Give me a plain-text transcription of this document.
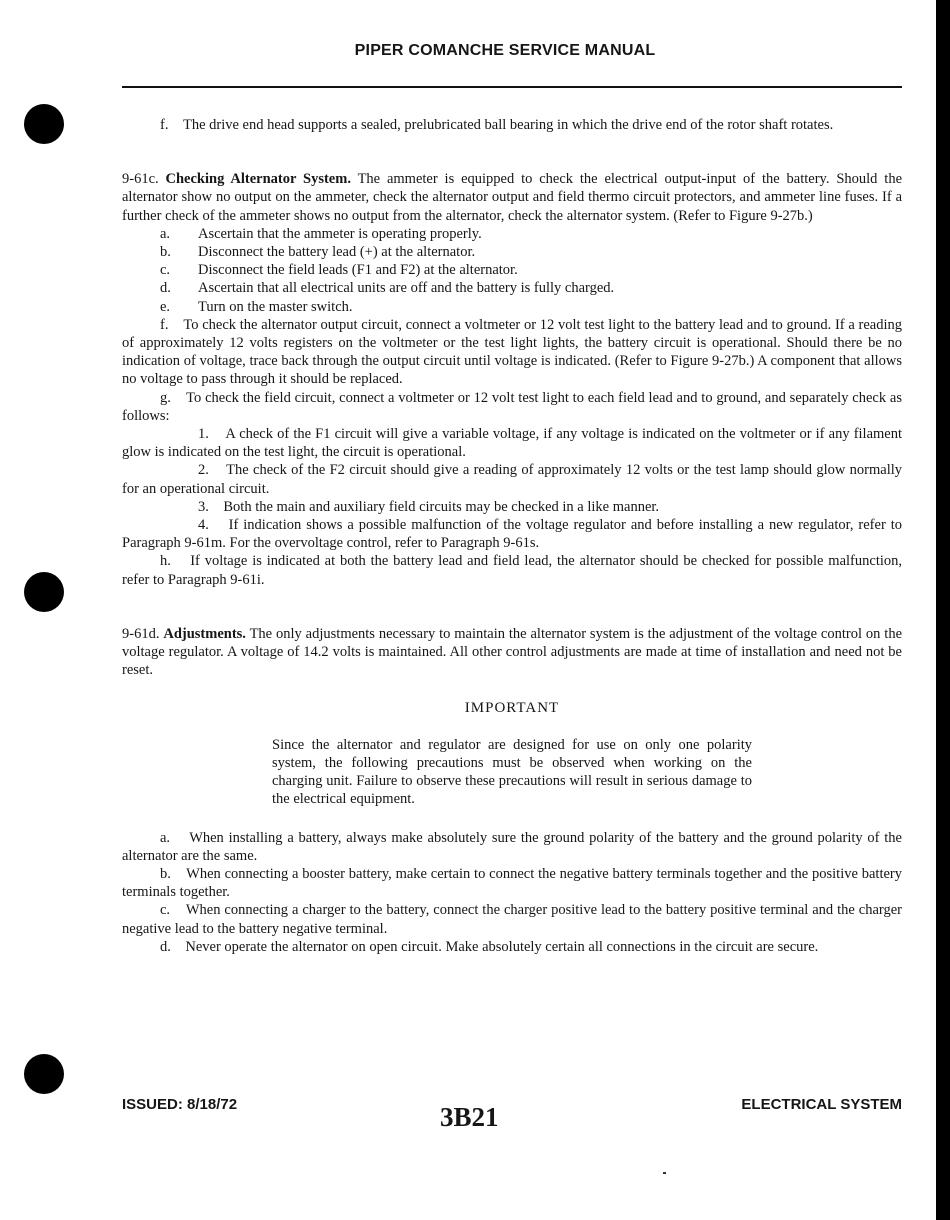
PIPER COMANCHE SERVICE MANUAL

f. The drive end head supports a sealed, prelubricated ball bearing in which the drive end of the rotor shaft rotates.

9-61c. Checking Alternator System. The ammeter is equipped to check the electrical output-input of the battery. Should the alternator show no output on the ammeter, check the alternator output and field thermo circuit protectors, and ammeter line fuses. If a further check of the ammeter shows no output from the alternator, check the alternator system. (Refer to Figure 9-27b.)

a. Ascertain that the ammeter is operating properly.
b. Disconnect the battery lead (+) at the alternator.
c. Disconnect the field leads (F1 and F2) at the alternator.
d. Ascertain that all electrical units are off and the battery is fully charged.
e. Turn on the master switch.

f. To check the alternator output circuit, connect a voltmeter or 12 volt test light to the battery lead and to ground. If a reading of approximately 12 volts registers on the voltmeter or the test light lights, the battery circuit is operational. Should there be no indication of voltage, trace back through the output circuit until voltage is indicated. (Refer to Figure 9-27b.) A component that allows no voltage to pass through it should be replaced.

g. To check the field circuit, connect a voltmeter or 12 volt test light to each field lead and to ground, and separately check as follows:

1. A check of the F1 circuit will give a variable voltage, if any voltage is indicated on the voltmeter or if any filament glow is indicated on the test light, the circuit is operational.

2. The check of the F2 circuit should give a reading of approximately 12 volts or the test lamp should glow normally for an operational circuit.

3. Both the main and auxiliary field circuits may be checked in a like manner.

4. If indication shows a possible malfunction of the voltage regulator and before installing a new regulator, refer to Paragraph 9-61m. For the overvoltage control, refer to Paragraph 9-61s.

h. If voltage is indicated at both the battery lead and field lead, the alternator should be checked for possible malfunction, refer to Paragraph 9-61i.

9-61d. Adjustments. The only adjustments necessary to maintain the alternator system is the adjustment of the voltage control on the voltage regulator. A voltage of 14.2 volts is maintained. All other control adjustments are made at time of installation and need not be reset.

IMPORTANT

Since the alternator and regulator are designed for use on only one polarity system, the following precautions must be observed when working on the charging unit. Failure to observe these precautions will result in serious damage to the electrical equipment.

a. When installing a battery, always make absolutely sure the ground polarity of the battery and the ground polarity of the alternator are the same.

b. When connecting a booster battery, make certain to connect the negative battery terminals together and the positive battery terminals together.

c. When connecting a charger to the battery, connect the charger positive lead to the battery positive terminal and the charger negative lead to the battery negative terminal.

d. Never operate the alternator on open circuit. Make absolutely certain all connections in the circuit are secure.

ISSUED: 8/18/72	3B21	ELECTRICAL SYSTEM
